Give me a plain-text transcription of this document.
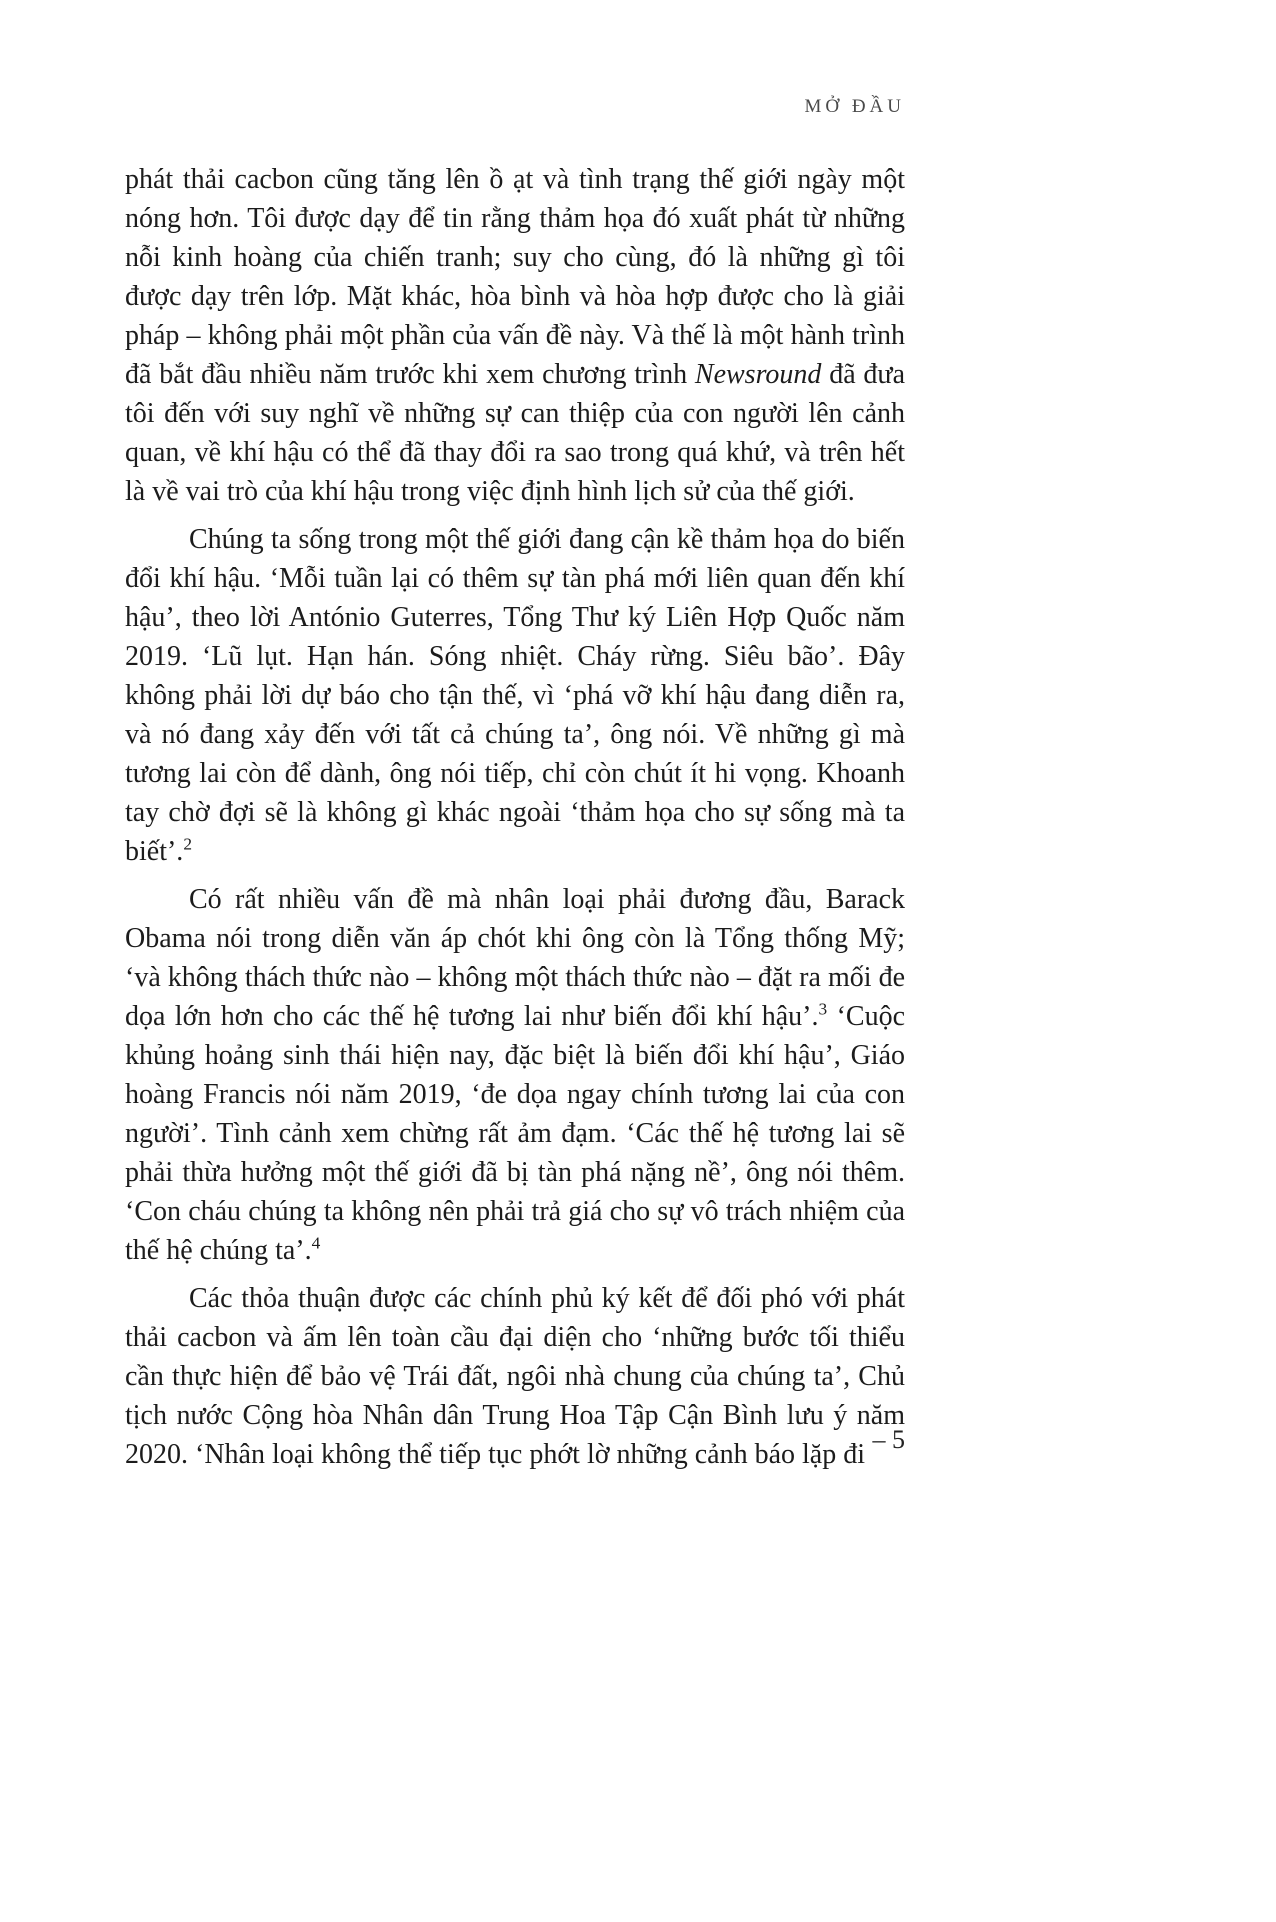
MỞ ĐẦU

phát thải cacbon cũng tăng lên ồ ạt và tình trạng thế giới ngày một nóng hơn. Tôi được dạy để tin rằng thảm họa đó xuất phát từ những nỗi kinh hoàng của chiến tranh; suy cho cùng, đó là những gì tôi được dạy trên lớp. Mặt khác, hòa bình và hòa hợp được cho là giải pháp – không phải một phần của vấn đề này. Và thế là một hành trình đã bắt đầu nhiều năm trước khi xem chương trình Newsround đã đưa tôi đến với suy nghĩ về những sự can thiệp của con người lên cảnh quan, về khí hậu có thể đã thay đổi ra sao trong quá khứ, và trên hết là về vai trò của khí hậu trong việc định hình lịch sử của thế giới.

Chúng ta sống trong một thế giới đang cận kề thảm họa do biến đổi khí hậu. ‘Mỗi tuần lại có thêm sự tàn phá mới liên quan đến khí hậu’, theo lời António Guterres, Tổng Thư ký Liên Hợp Quốc năm 2019. ‘Lũ lụt. Hạn hán. Sóng nhiệt. Cháy rừng. Siêu bão’. Đây không phải lời dự báo cho tận thế, vì ‘phá vỡ khí hậu đang diễn ra, và nó đang xảy đến với tất cả chúng ta’, ông nói. Về những gì mà tương lai còn để dành, ông nói tiếp, chỉ còn chút ít hi vọng. Khoanh tay chờ đợi sẽ là không gì khác ngoài ‘thảm họa cho sự sống mà ta biết’.$^2$

Có rất nhiều vấn đề mà nhân loại phải đương đầu, Barack Obama nói trong diễn văn áp chót khi ông còn là Tổng thống Mỹ; ‘và không thách thức nào – không một thách thức nào – đặt ra mối đe dọa lớn hơn cho các thế hệ tương lai như biến đổi khí hậu’.$^3$ ‘Cuộc khủng hoảng sinh thái hiện nay, đặc biệt là biến đổi khí hậu’, Giáo hoàng Francis nói năm 2019, ‘đe dọa ngay chính tương lai của con người’. Tình cảnh xem chừng rất ảm đạm. ‘Các thế hệ tương lai sẽ phải thừa hưởng một thế giới đã bị tàn phá nặng nề’, ông nói thêm. ‘Con cháu chúng ta không nên phải trả giá cho sự vô trách nhiệm của thế hệ chúng ta’.$^4$

Các thỏa thuận được các chính phủ ký kết để đối phó với phát thải cacbon và ấm lên toàn cầu đại diện cho ‘những bước tối thiểu cần thực hiện để bảo vệ Trái đất, ngôi nhà chung của chúng ta’, Chủ tịch nước Cộng hòa Nhân dân Trung Hoa Tập Cận Bình lưu ý năm 2020. ‘Nhân loại không thể tiếp tục phớt lờ những cảnh báo lặp đi – 5
